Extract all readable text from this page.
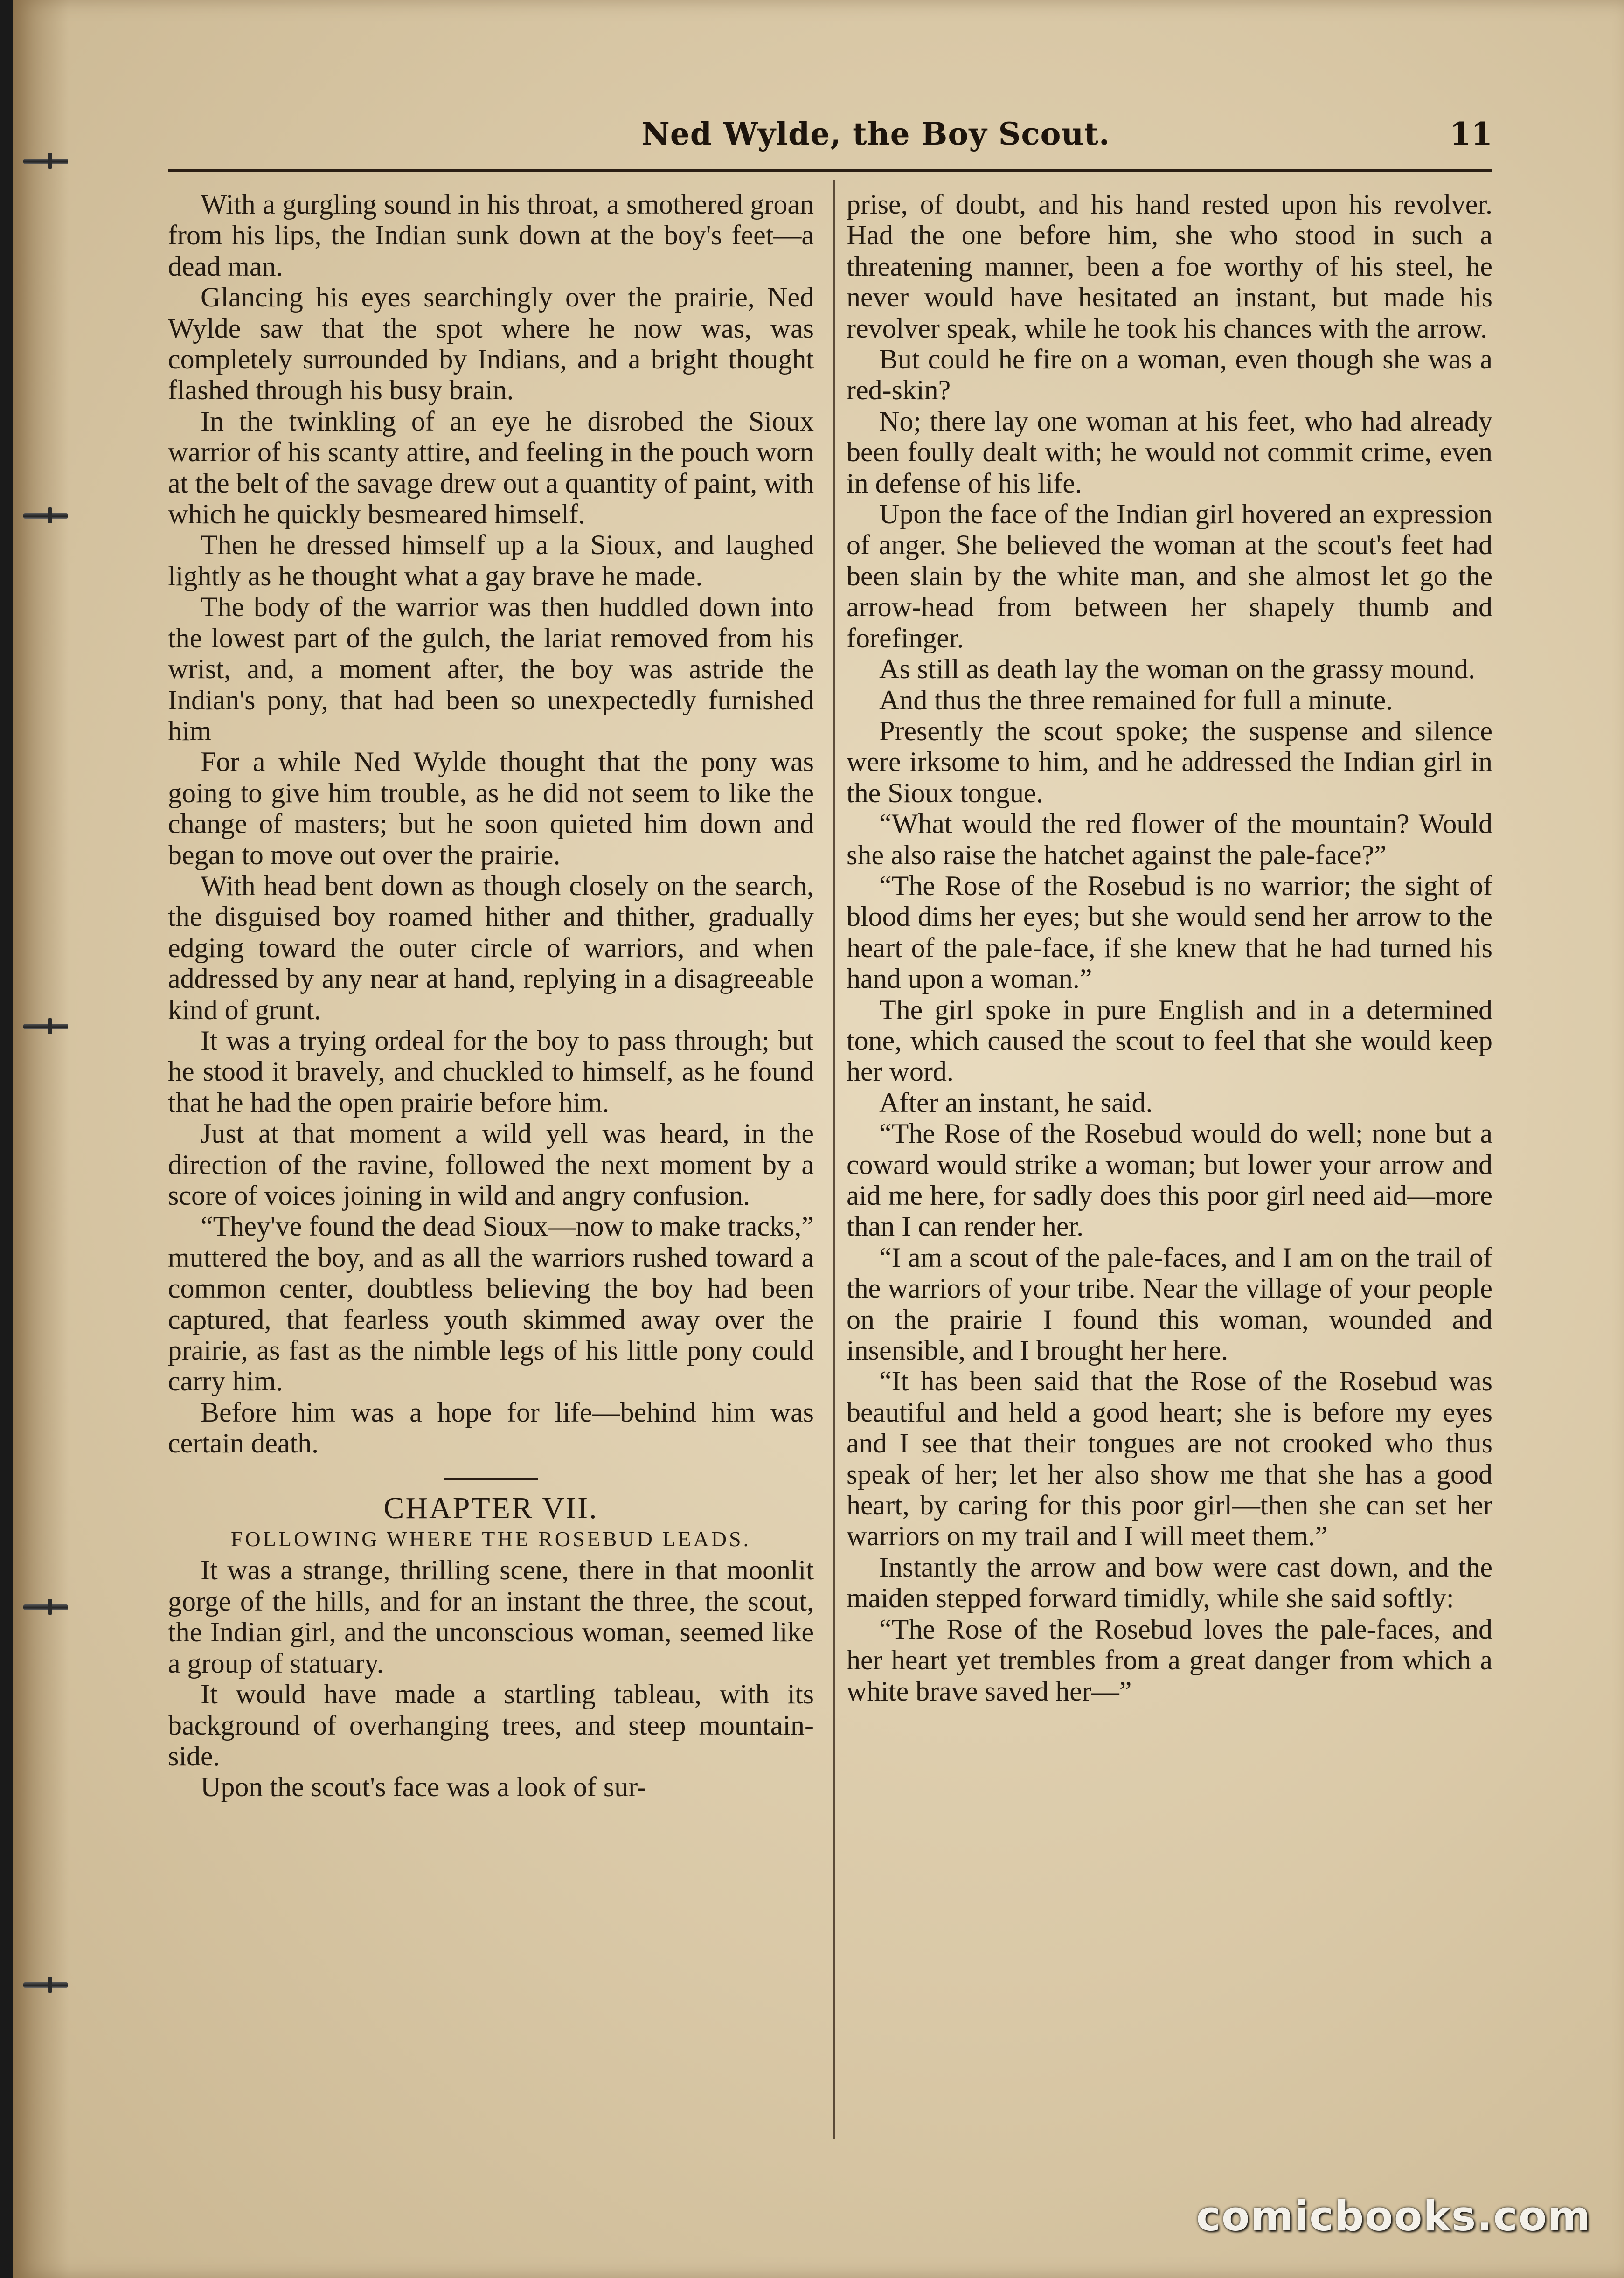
Ned Wylde, the Boy Scout.	11

With a gurgling sound in his throat, a smothered groan from his lips, the Indian sunk down at the boy's feet—a dead man.

Glancing his eyes searchingly over the prairie, Ned Wylde saw that the spot where he now was, was completely surrounded by Indians, and a bright thought flashed through his busy brain.

In the twinkling of an eye he disrobed the Sioux warrior of his scanty attire, and feeling in the pouch worn at the belt of the savage drew out a quantity of paint, with which he quickly besmeared himself.

Then he dressed himself up a la Sioux, and laughed lightly as he thought what a gay brave he made.

The body of the warrior was then huddled down into the lowest part of the gulch, the lariat removed from his wrist, and, a moment after, the boy was astride the Indian's pony, that had been so unexpectedly furnished him

For a while Ned Wylde thought that the pony was going to give him trouble, as he did not seem to like the change of masters; but he soon quieted him down and began to move out over the prairie.

With head bent down as though closely on the search, the disguised boy roamed hither and thither, gradually edging toward the outer circle of warriors, and when addressed by any near at hand, replying in a disagreeable kind of grunt.

It was a trying ordeal for the boy to pass through; but he stood it bravely, and chuckled to himself, as he found that he had the open prairie before him.

Just at that moment a wild yell was heard, in the direction of the ravine, followed the next moment by a score of voices joining in wild and angry confusion.

“They've found the dead Sioux—now to make tracks,” muttered the boy, and as all the warriors rushed toward a common center, doubtless believing the boy had been captured, that fearless youth skimmed away over the prairie, as fast as the nimble legs of his little pony could carry him.

Before him was a hope for life—behind him was certain death.

CHAPTER VII.

FOLLOWING WHERE THE ROSEBUD LEADS.

It was a strange, thrilling scene, there in that moonlit gorge of the hills, and for an instant the three, the scout, the Indian girl, and the unconscious woman, seemed like a group of statuary.

It would have made a startling tableau, with its background of overhanging trees, and steep mountain-side.

Upon the scout's face was a look of sur-

prise, of doubt, and his hand rested upon his revolver. Had the one before him, she who stood in such a threatening manner, been a foe worthy of his steel, he never would have hesitated an instant, but made his revolver speak, while he took his chances with the arrow.

But could he fire on a woman, even though she was a red-skin?

No; there lay one woman at his feet, who had already been foully dealt with; he would not commit crime, even in defense of his life.

Upon the face of the Indian girl hovered an expression of anger. She believed the woman at the scout's feet had been slain by the white man, and she almost let go the arrow-head from between her shapely thumb and forefinger.

As still as death lay the woman on the grassy mound.

And thus the three remained for full a minute.

Presently the scout spoke; the suspense and silence were irksome to him, and he addressed the Indian girl in the Sioux tongue.

“What would the red flower of the mountain? Would she also raise the hatchet against the pale-face?”

“The Rose of the Rosebud is no warrior; the sight of blood dims her eyes; but she would send her arrow to the heart of the pale-face, if she knew that he had turned his hand upon a woman.”

The girl spoke in pure English and in a determined tone, which caused the scout to feel that she would keep her word.

After an instant, he said.

“The Rose of the Rosebud would do well; none but a coward would strike a woman; but lower your arrow and aid me here, for sadly does this poor girl need aid—more than I can render her.

“I am a scout of the pale-faces, and I am on the trail of the warriors of your tribe. Near the village of your people on the prairie I found this woman, wounded and insensible, and I brought her here.

“It has been said that the Rose of the Rosebud was beautiful and held a good heart; she is before my eyes and I see that their tongues are not crooked who thus speak of her; let her also show me that she has a good heart, by caring for this poor girl—then she can set her warriors on my trail and I will meet them.”

Instantly the arrow and bow were cast down, and the maiden stepped forward timidly, while she said softly:

“The Rose of the Rosebud loves the pale-faces, and her heart yet trembles from a great danger from which a white brave saved her—”

comicbooks.com
